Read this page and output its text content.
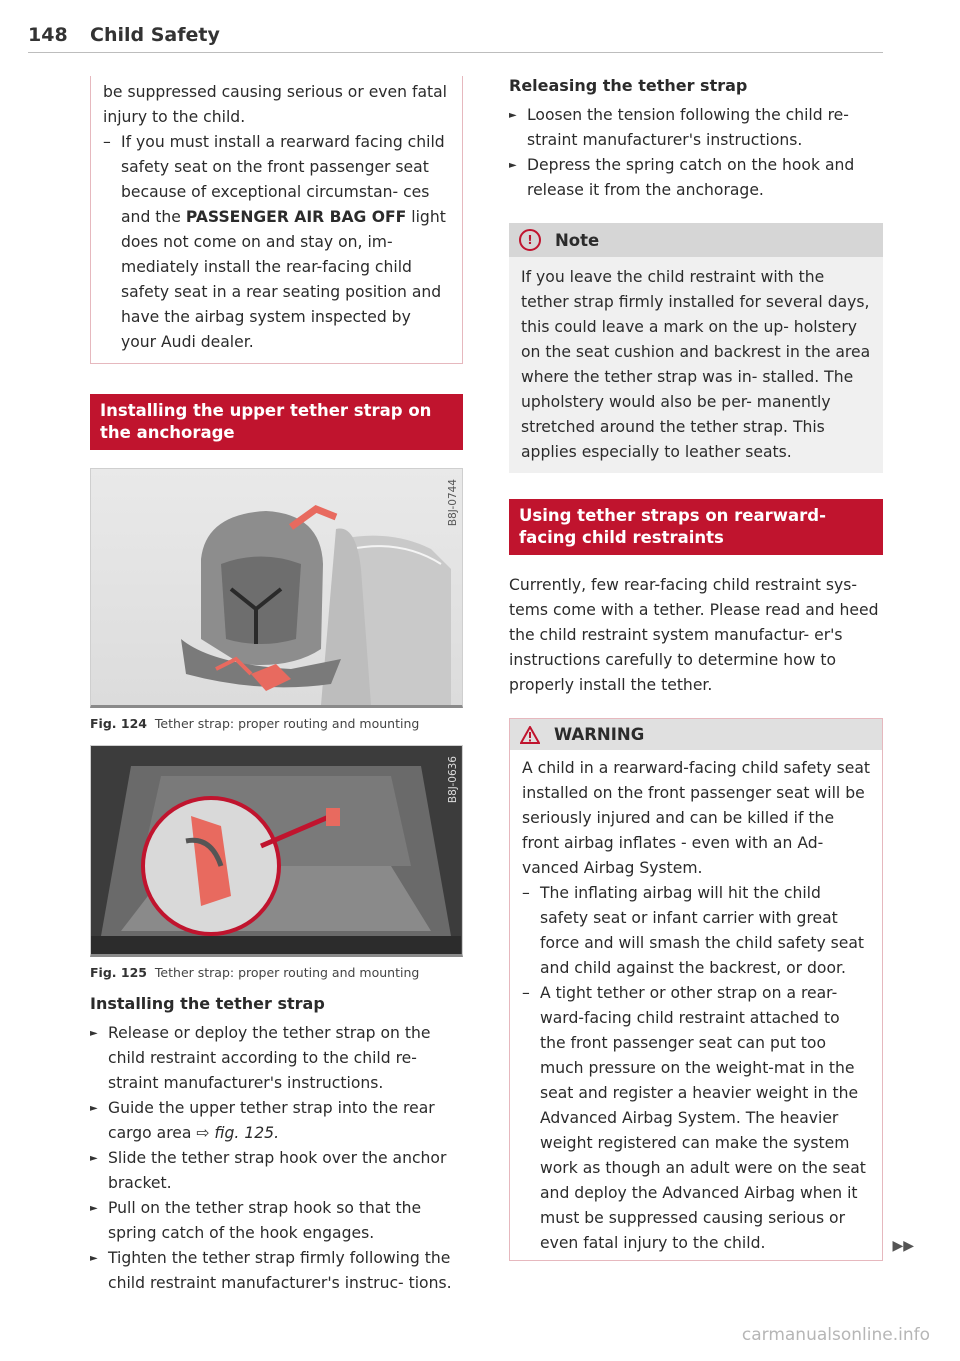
148 Child Safety

be suppressed causing serious or even fatal injury to the child.

– If you must install a rearward facing child safety seat on the front passenger seat because of exceptional circumstan- ces and the PASSENGER AIR BAG OFF light does not come on and stay on, im- mediately install the rear-facing child safety seat in a rear seating position and have the airbag system inspected by your Audi dealer.

Installing the upper tether strap on the anchorage
B8J-0744

Fig. 124 Tether strap: proper routing and mounting

B8J-0636

Fig. 125 Tether strap: proper routing and mounting

Installing the tether strap

► Release or deploy the tether strap on the child restraint according to the child re- straint manufacturer's instructions.

► Guide the upper tether strap into the rear cargo area ⇨ fig. 125.

► Slide the tether strap hook over the anchor bracket.

► Pull on the tether strap hook so that the spring catch of the hook engages.

► Tighten the tether strap firmly following the child restraint manufacturer's instruc- tions.

Releasing the tether strap

► Loosen the tension following the child re- straint manufacturer's instructions.

► Depress the spring catch on the hook and release it from the anchorage.

!	Note

If you leave the child restraint with the tether strap firmly installed for several days, this could leave a mark on the up- holstery on the seat cushion and backrest in the area where the tether strap was in- stalled. The upholstery would also be per- manently stretched around the tether strap. This applies especially to leather seats.

Using tether straps on rearward-facing child restraints

Currently, few rear-facing child restraint sys- tems come with a tether. Please read and heed the child restraint system manufactur- er's instructions carefully to determine how to properly install the tether.

WARNING

A child in a rearward-facing child safety seat installed on the front passenger seat will be seriously injured and can be killed if the front airbag inflates - even with an Ad- vanced Airbag System.

– The inflating airbag will hit the child safety seat or infant carrier with great force and will smash the child safety seat and child against the backrest, or door.

– A tight tether or other strap on a rear- ward-facing child restraint attached to the front passenger seat can put too much pressure on the weight-mat in the seat and register a heavier weight in the Advanced Airbag System. The heavier weight registered can make the system work as though an adult were on the seat and deploy the Advanced Airbag when it must be suppressed causing serious or even fatal injury to the child.	▶▶
carmanualsonline.info
